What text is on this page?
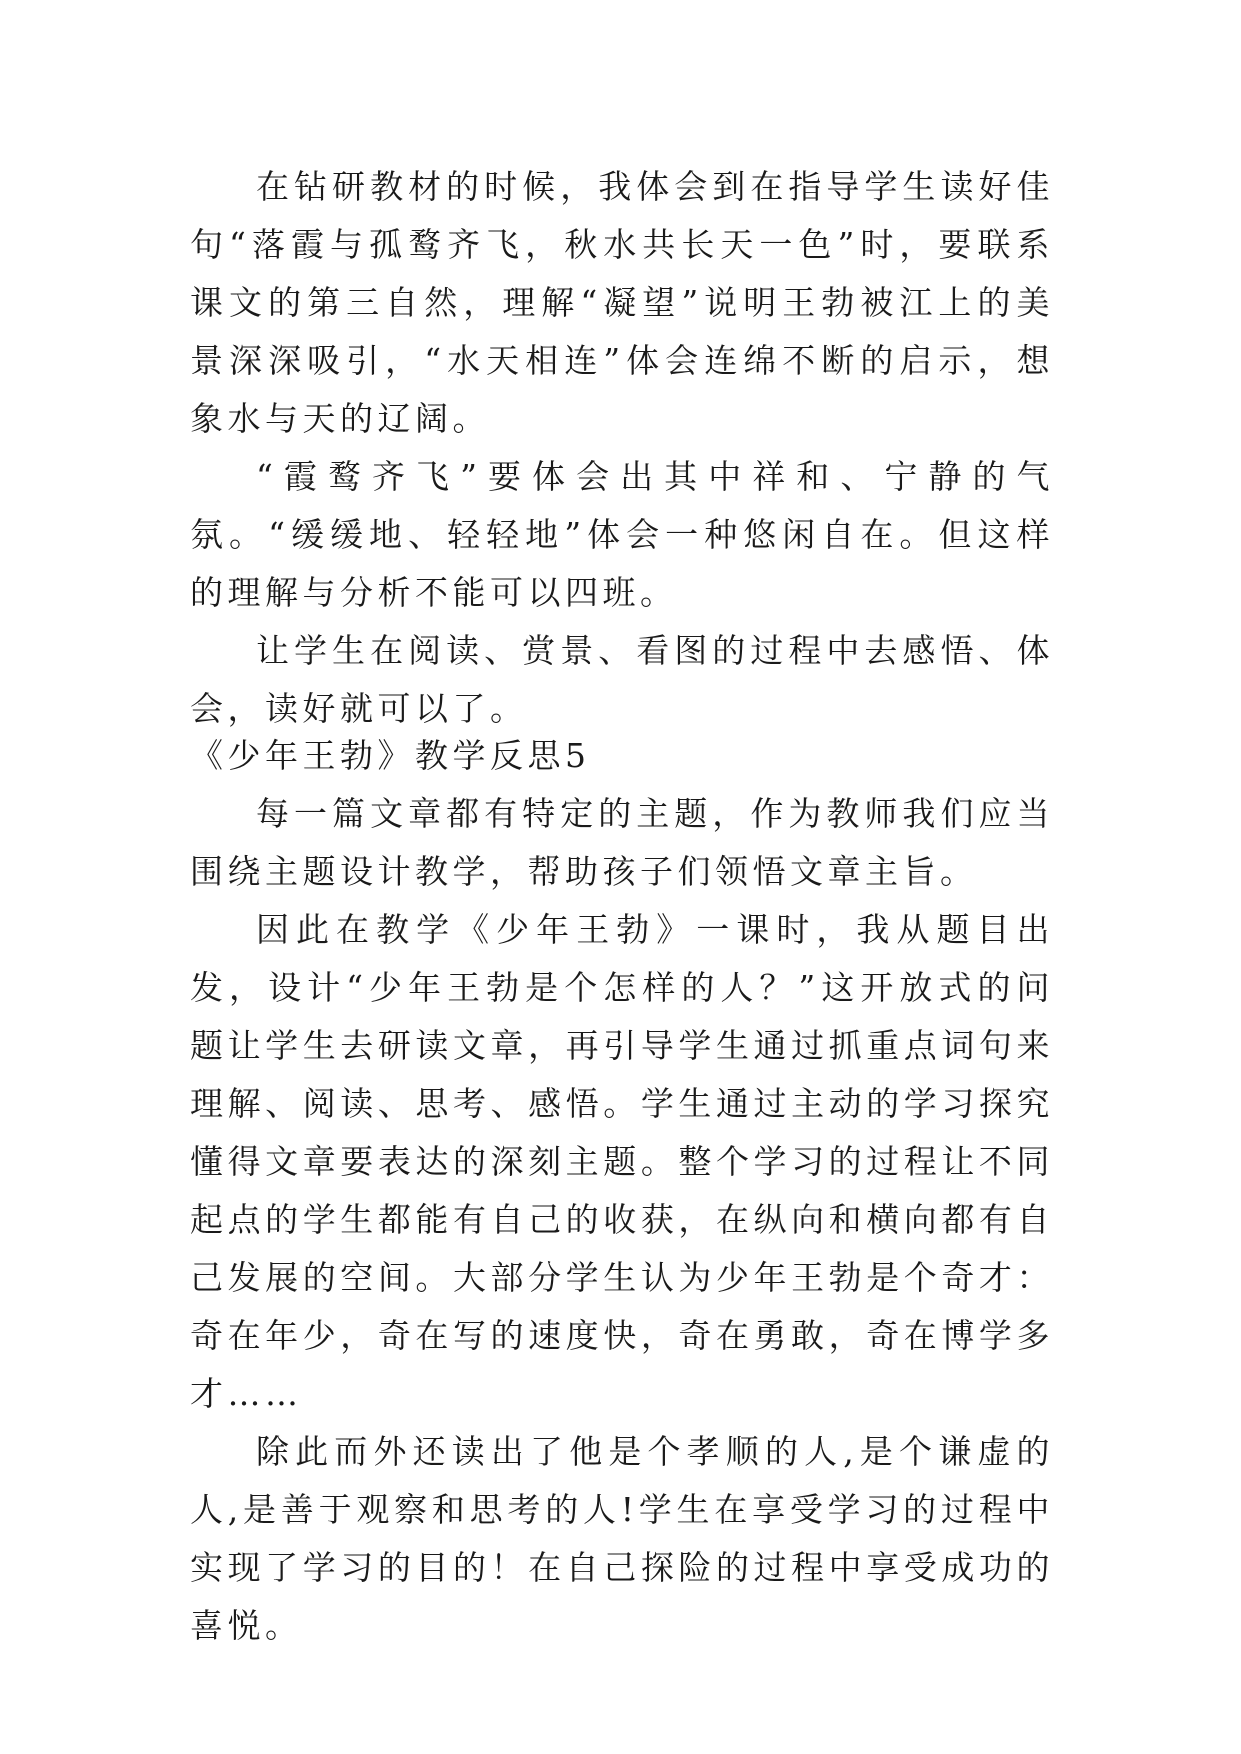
在钻研教材的时候，我体会到在指导学生读好佳句“落霞与孤鹜齐飞，秋水共长天一色”时，要联系课文的第三自然，理解“凝望”说明王勃被江上的美景深深吸引，“水天相连”体会连绵不断的启示，想象水与天的辽阔。

“霞鹜齐飞”要体会出其中祥和、宁静的气氛。“缓缓地、轻轻地”体会一种悠闲自在。但这样的理解与分析不能可以四班。

让学生在阅读、赏景、看图的过程中去感悟、体会，读好就可以了。

《少年王勃》教学反思5

每一篇文章都有特定的主题，作为教师我们应当围绕主题设计教学，帮助孩子们领悟文章主旨。

因此在教学《少年王勃》一课时，我从题目出发，设计“少年王勃是个怎样的人？”这开放式的问题让学生去研读文章，再引导学生通过抓重点词句来理解、阅读、思考、感悟。学生通过主动的学习探究懂得文章要表达的深刻主题。整个学习的过程让不同起点的学生都能有自己的收获，在纵向和横向都有自己发展的空间。大部分学生认为少年王勃是个奇才：奇在年少，奇在写的速度快，奇在勇敢，奇在博学多才……

除此而外还读出了他是个孝顺的人,是个谦虚的人,是善于观察和思考的人!学生在享受学习的过程中实现了学习的目的！在自己探险的过程中享受成功的喜悦。
